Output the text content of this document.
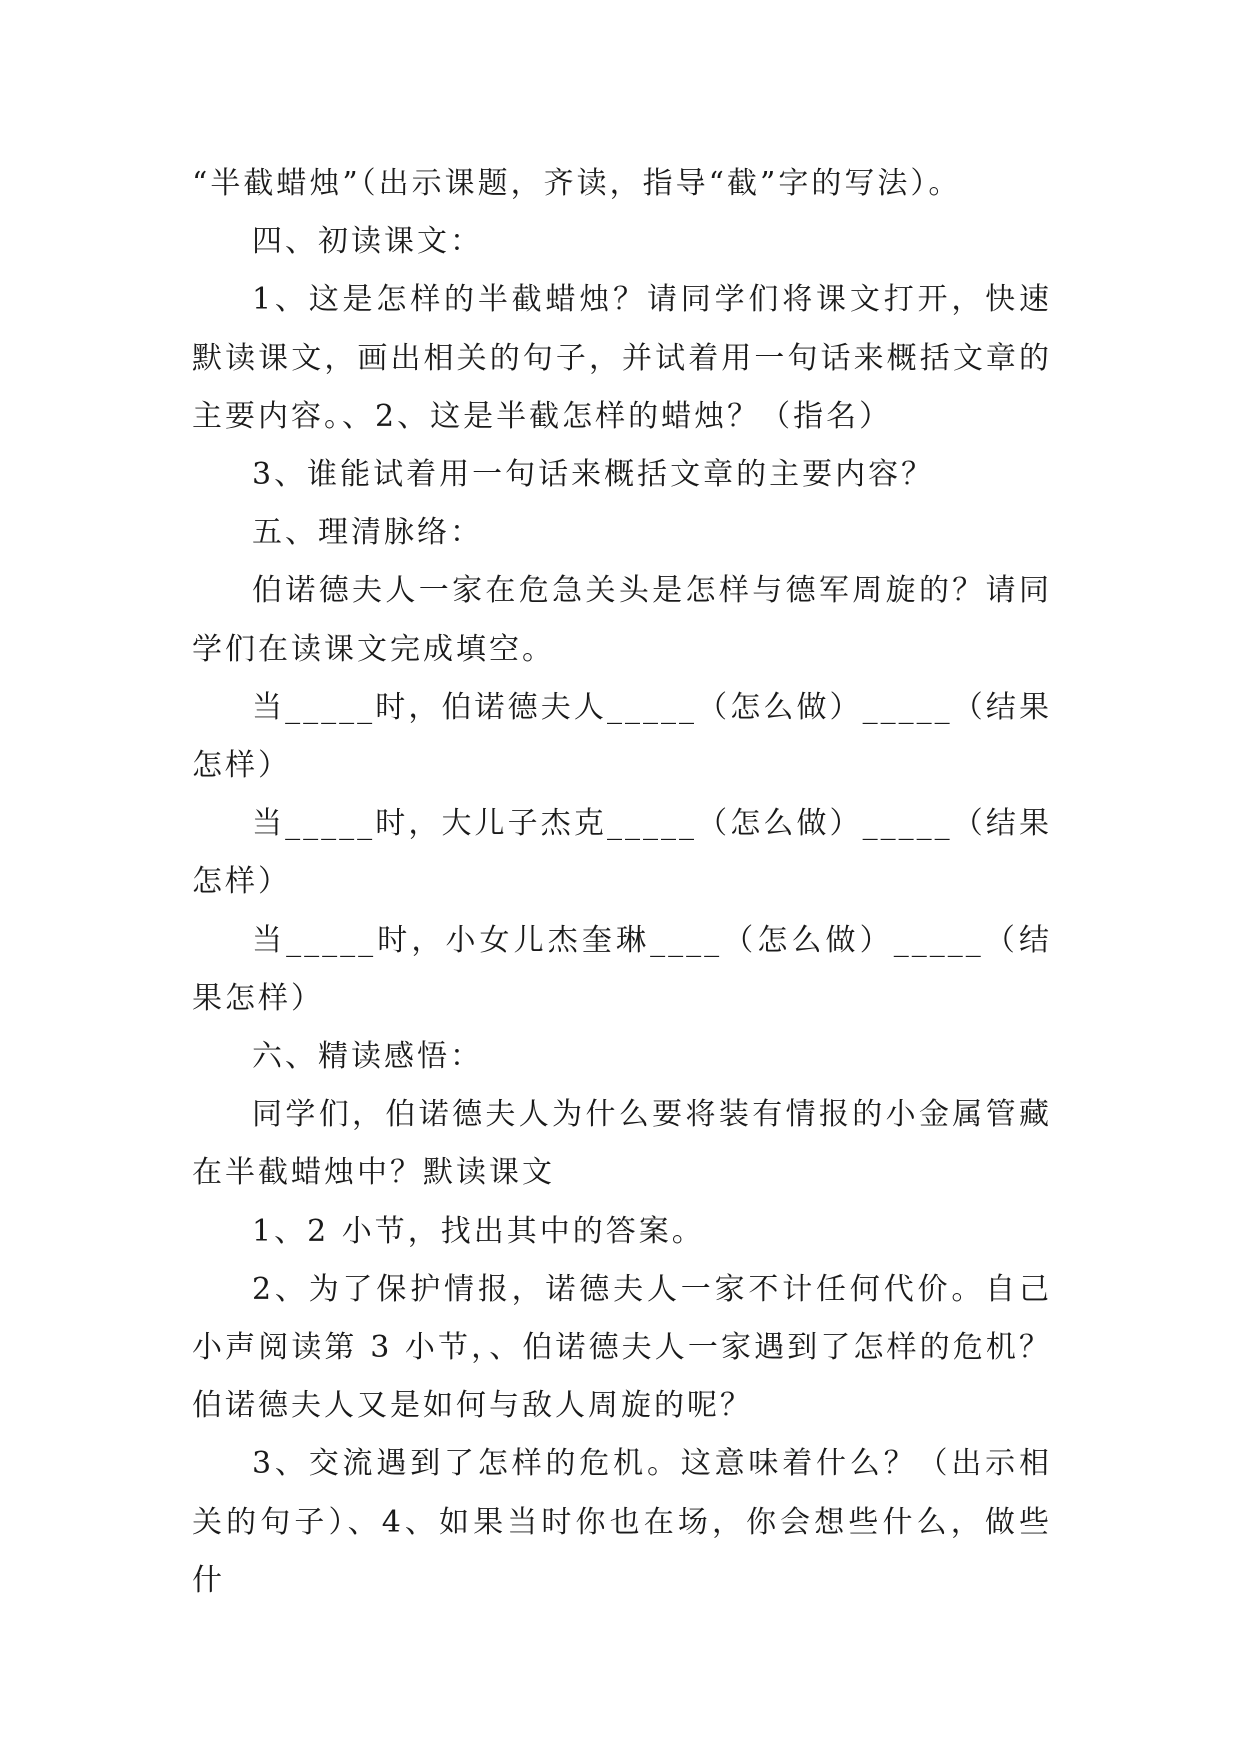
“半截蜡烛”（出示课题，齐读，指导“截”字的写法）。

四、初读课文：

1、这是怎样的半截蜡烛？请同学们将课文打开，快速默读课文，画出相关的句子，并试着用一句话来概括文章的主要内容。、2、这是半截怎样的蜡烛？（指名）

3、谁能试着用一句话来概括文章的主要内容？

五、理清脉络：

伯诺德夫人一家在危急关头是怎样与德军周旋的？请同学们在读课文完成填空。

当_____时，伯诺德夫人_____（怎么做）_____（结果怎样）

当_____时，大儿子杰克_____（怎么做）_____（结果怎样）

当_____时，小女儿杰奎琳____（怎么做）_____（结果怎样）

六、精读感悟：

同学们，伯诺德夫人为什么要将装有情报的小金属管藏在半截蜡烛中？默读课文

1、2 小节，找出其中的答案。

2、为了保护情报，诺德夫人一家不计任何代价。自己小声阅读第 3 小节，、伯诺德夫人一家遇到了怎样的危机？伯诺德夫人又是如何与敌人周旋的呢？

3、交流遇到了怎样的危机。这意味着什么？（出示相关的句子）、4、如果当时你也在场，你会想些什么，做些什
